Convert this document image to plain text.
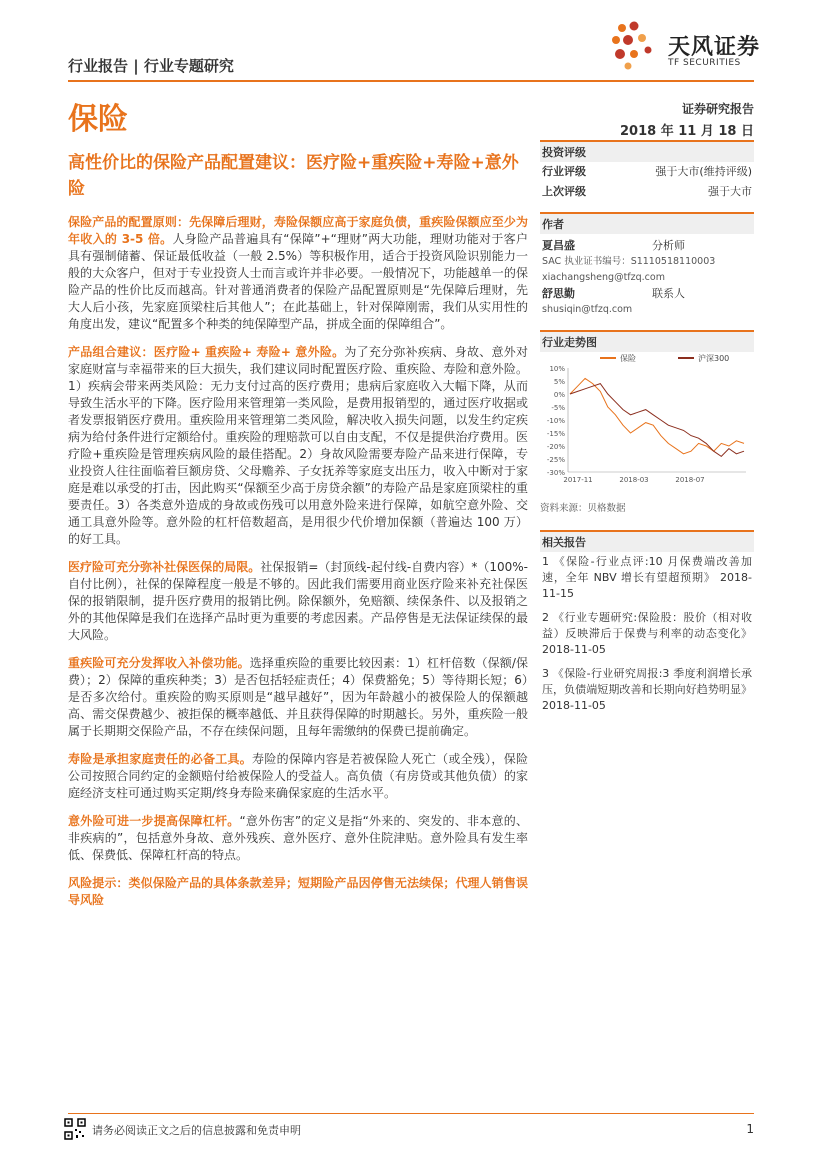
天风证券
TF SECURITIES
行业报告 | 行业专题研究
保险	证券研究报告
2018 年 11 月 18 日
高性价比的保险产品配置建议：医疗险+重疾险+寿险+意外险

保险产品的配置原则：先保障后理财，寿险保额应高于家庭负债，重疾险保额应至少为年收入的 3-5 倍。人身险产品普遍具有“保障”+“理财”两大功能，理财功能对于客户具有强制储蓄、保证最低收益（一般 2.5%）等积极作用，适合于投资风险识别能力一般的大众客户，但对于专业投资人士而言或许并非必要。一般情况下，功能越单一的保险产品的性价比反而越高。针对普通消费者的保险产品配置原则是“先保障后理财，先大人后小孩，先家庭顶梁柱后其他人”；在此基础上，针对保障刚需，我们从实用性的角度出发，建议“配置多个种类的纯保障型产品，拼成全面的保障组合”。

产品组合建议：医疗险+ 重疾险+ 寿险+ 意外险。为了充分弥补疾病、身故、意外对家庭财富与幸福带来的巨大损失，我们建议同时配置医疗险、重疾险、寿险和意外险。1）疾病会带来两类风险：无力支付过高的医疗费用；患病后家庭收入大幅下降，从而导致生活水平的下降。医疗险用来管理第一类风险，是费用报销型的，通过医疗收据或者发票报销医疗费用。重疾险用来管理第二类风险，解决收入损失问题，以发生约定疾病为给付条件进行定额给付。重疾险的理赔款可以自由支配，不仅是提供治疗费用。医疗险+重疾险是管理疾病风险的最佳搭配。2）身故风险需要寿险产品来进行保障，专业投资人往往面临着巨额房贷、父母赡养、子女抚养等家庭支出压力，收入中断对于家庭是难以承受的打击，因此购买“保额至少高于房贷余额”的寿险产品是家庭顶梁柱的重要责任。3）各类意外造成的身故或伤残可以用意外险来进行保障，如航空意外险、交通工具意外险等。意外险的杠杆倍数超高，是用很少代价增加保额（普遍达 100 万）的好工具。

医疗险可充分弥补社保医保的局限。社保报销=（封顶线-起付线-自费内容）*（100%-自付比例），社保的保障程度一般是不够的。因此我们需要用商业医疗险来补充社保医保的报销限制，提升医疗费用的报销比例。除保额外，免赔额、续保条件、以及报销之外的其他保障是我们在选择产品时更为重要的考虑因素。产品停售是无法保证续保的最大风险。

重疾险可充分发挥收入补偿功能。选择重疾险的重要比较因素：1）杠杆倍数（保额/保费）；2）保障的重疾种类；3）是否包括轻症责任；4）保费豁免；5）等待期长短；6）是否多次给付。重疾险的购买原则是“越早越好”，因为年龄越小的被保险人的保额越高、需交保费越少、被拒保的概率越低、并且获得保障的时期越长。另外，重疾险一般属于长期期交保险产品，不存在续保问题，且每年需缴纳的保费已提前确定。

寿险是承担家庭责任的必备工具。寿险的保障内容是若被保险人死亡（或全残），保险公司按照合同约定的金额赔付给被保险人的受益人。高负债（有房贷或其他负债）的家庭经济支柱可通过购买定期/终身寿险来确保家庭的生活水平。

意外险可进一步提高保障杠杆。“意外伤害”的定义是指“外来的、突发的、非本意的、非疾病的”，包括意外身故、意外残疾、意外医疗、意外住院津贴。意外险具有发生率低、保费低、保障杠杆高的特点。

风险提示：类似保险产品的具体条款差异；短期险产品因停售无法续保；代理人销售误导风险

投资评级
行业评级	强于大市(维持评级)
上次评级	强于大市
作者
夏昌盛	分析师
SAC 执业证书编号：S1110518110003
xiachangsheng@tfzq.com
舒思勤	联系人
shusiqin@tfzq.com
行业走势图
10%
5%
0%
-5%
-10%
-15%
-20%
-25%
-30%
2017-11	2018-03	2018-07
保险	沪深300
资料来源：贝格数据
相关报告
1 《保险-行业点评:10 月保费端改善加速，全年 NBV 增长有望超预期》 2018-11-15
2 《行业专题研究:保险股：股价（相对收益）反映滞后于保费与利率的动态变化》 2018-11-05
3 《保险-行业研究周报:3 季度利润增长承压，负债端短期改善和长期向好趋势明显》 2018-11-05
请务必阅读正文之后的信息披露和免责申明	1
